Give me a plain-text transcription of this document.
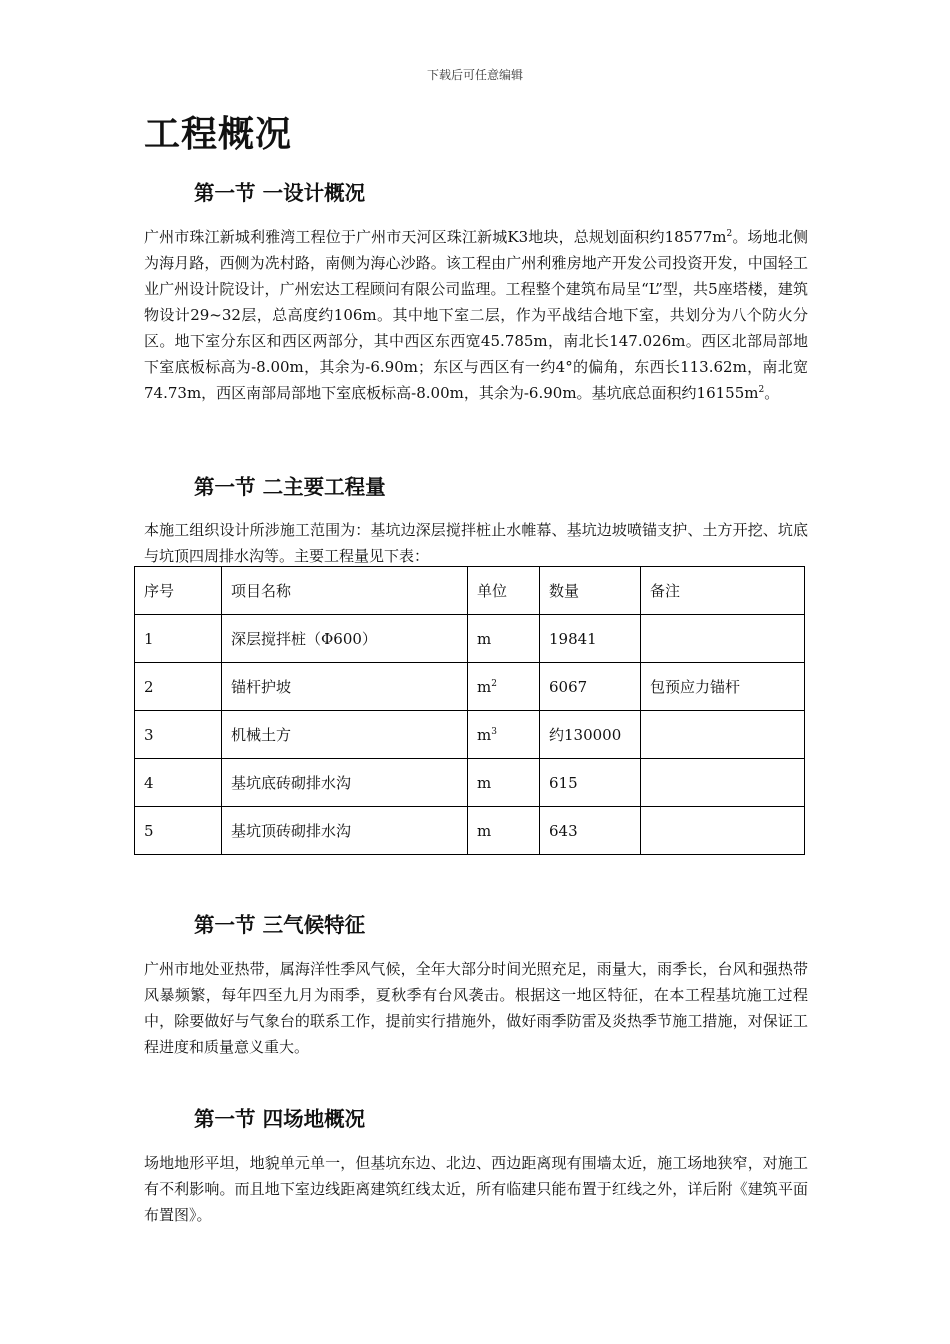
下载后可任意编辑
工程概况
第一节 一设计概况

广州市珠江新城利雅湾工程位于广州市天河区珠江新城K3地块，总规划面积约$18577m^2$。场地北侧为海月路，西侧为冼村路，南侧为海心沙路。该工程由广州利雅房地产开发公司投资开发，中国轻工业广州设计院设计，广州宏达工程顾问有限公司监理。工程整个建筑布局呈“L”型，共5座塔楼，建筑物设计29~32层，总高度约106m。其中地下室二层，作为平战结合地下室，共划分为八个防火分区。地下室分东区和西区两部分，其中西区东西宽45.785m，南北长147.026m。西区北部局部地下室底板标高为-8.00m，其余为-6.90m；东区与西区有一约4°的偏角，东西长113.62m，南北宽74.73m，西区南部局部地下室底板标高-8.00m，其余为-6.90m。基坑底总面积约$16155m^2$。

第一节 二主要工程量

本施工组织设计所涉施工范围为：基坑边深层搅拌桩止水帷幕、基坑边坡喷锚支护、土方开挖、坑底与坑顶四周排水沟等。主要工程量见下表：

序号	项目名称	单位	数量	备注
1	深层搅拌桩（Φ600）	m	19841	
2	锚杆护坡	$m^2$	6067	包预应力锚杆
3	机械土方	$m^3$	约130000	
4	基坑底砖砌排水沟	m	615	
5	基坑顶砖砌排水沟	m	643	
第一节 三气候特征

广州市地处亚热带，属海洋性季风气候，全年大部分时间光照充足，雨量大，雨季长，台风和强热带风暴频繁，每年四至九月为雨季，夏秋季有台风袭击。根据这一地区特征，在本工程基坑施工过程中，除要做好与气象台的联系工作，提前实行措施外，做好雨季防雷及炎热季节施工措施，对保证工程进度和质量意义重大。

第一节 四场地概况

场地地形平坦，地貌单元单一，但基坑东边、北边、西边距离现有围墙太近，施工场地狭窄，对施工有不利影响。而且地下室边线距离建筑红线太近，所有临建只能布置于红线之外，详后附《建筑平面布置图》。
